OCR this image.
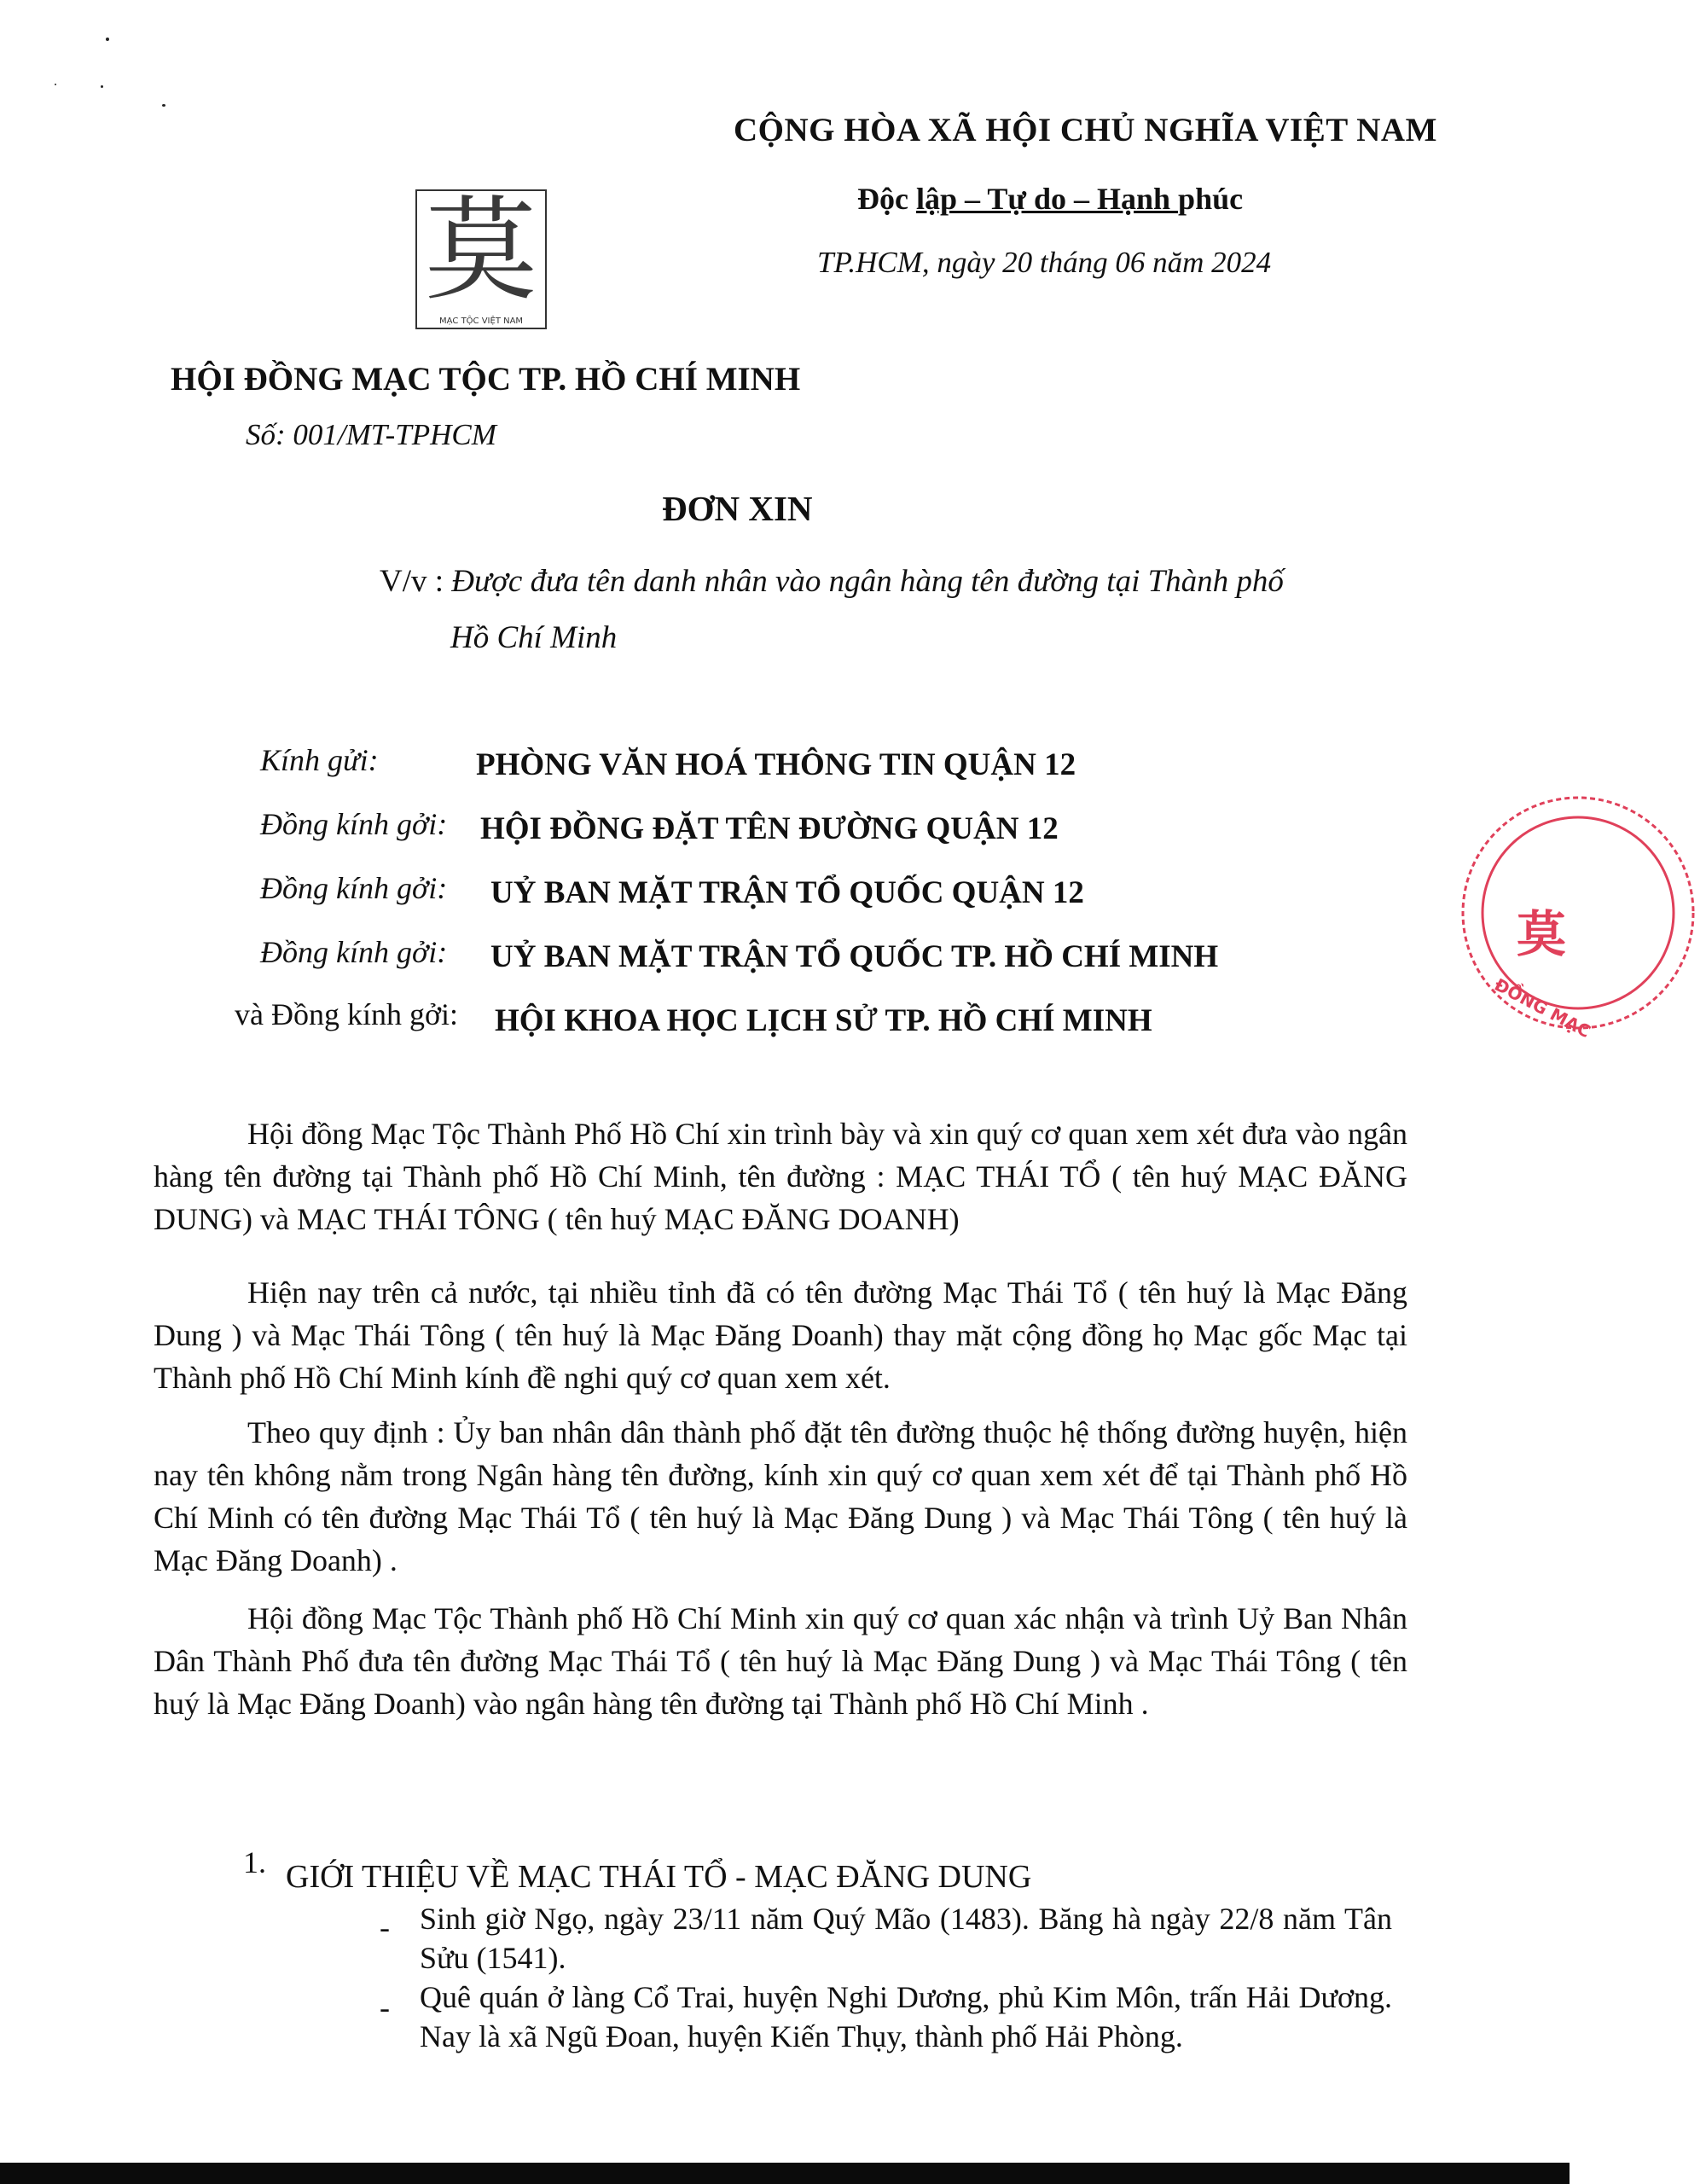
CỘNG HÒA XÃ HỘI CHỦ NGHĨA VIỆT NAM
Độc lập – Tự do – Hạnh phúc
TP.HCM, ngày 20 tháng 06 năm 2024
莫
MẠC TỘC VIỆT NAM
HỘI ĐỒNG MẠC TỘC TP. HỒ CHÍ MINH
Số: 001/MT-TPHCM
ĐƠN XIN
V/v : Được đưa tên danh nhân vào ngân hàng tên đường tại Thành phố
Hồ Chí Minh
Kính gửi:	PHÒNG VĂN HOÁ THÔNG TIN QUẬN 12
Đồng kính gởi: HỘI ĐỒNG ĐẶT TÊN ĐƯỜNG QUẬN 12
Đồng kính gởi: UỶ BAN MẶT TRẬN TỔ QUỐC QUẬN 12
Đồng kính gởi: UỶ BAN MẶT TRẬN TỔ QUỐC TP. HỒ CHÍ MINH
và Đồng kính gởi: HỘI KHOA HỌC LỊCH SỬ TP. HỒ CHÍ MINH
莫
ĐỒNG MẠC
Hội đồng Mạc Tộc Thành Phố Hồ Chí xin trình bày và xin quý cơ quan xem xét đưa vào ngân hàng tên đường tại Thành phố Hồ Chí Minh, tên đường : MẠC THÁI TỔ ( tên huý MẠC ĐĂNG DUNG) và MẠC THÁI TÔNG ( tên huý MẠC ĐĂNG DOANH)
Hiện nay trên cả nước, tại nhiều tỉnh đã có tên đường Mạc Thái Tổ ( tên huý là Mạc Đăng Dung ) và Mạc Thái Tông ( tên huý là Mạc Đăng Doanh) thay mặt cộng đồng họ Mạc gốc Mạc tại Thành phố Hồ Chí Minh kính đề nghi quý cơ quan xem xét.
Theo quy định : Ủy ban nhân dân thành phố đặt tên đường thuộc hệ thống đường huyện, hiện nay tên không nằm trong Ngân hàng tên đường, kính xin quý cơ quan xem xét để tại Thành phố Hồ Chí Minh có tên đường Mạc Thái Tổ ( tên huý là Mạc Đăng Dung ) và Mạc Thái Tông ( tên huý là Mạc Đăng Doanh) .
Hội đồng Mạc Tộc Thành phố Hồ Chí Minh xin quý cơ quan xác nhận và trình Uỷ Ban Nhân Dân Thành Phố đưa tên đường Mạc Thái Tổ ( tên huý là Mạc Đăng Dung ) và Mạc Thái Tông ( tên huý là Mạc Đăng Doanh) vào ngân hàng tên đường tại Thành phố Hồ Chí Minh .
1. GIỚI THIỆU VỀ MẠC THÁI TỔ - MẠC ĐĂNG DUNG
- Sinh giờ Ngọ, ngày 23/11 năm Quý Mão (1483). Băng hà ngày 22/8 năm Tân Sửu (1541).
- Quê quán ở làng Cổ Trai, huyện Nghi Dương, phủ Kim Môn, trấn Hải Dương. Nay là xã Ngũ Đoan, huyện Kiến Thụy, thành phố Hải Phòng.
